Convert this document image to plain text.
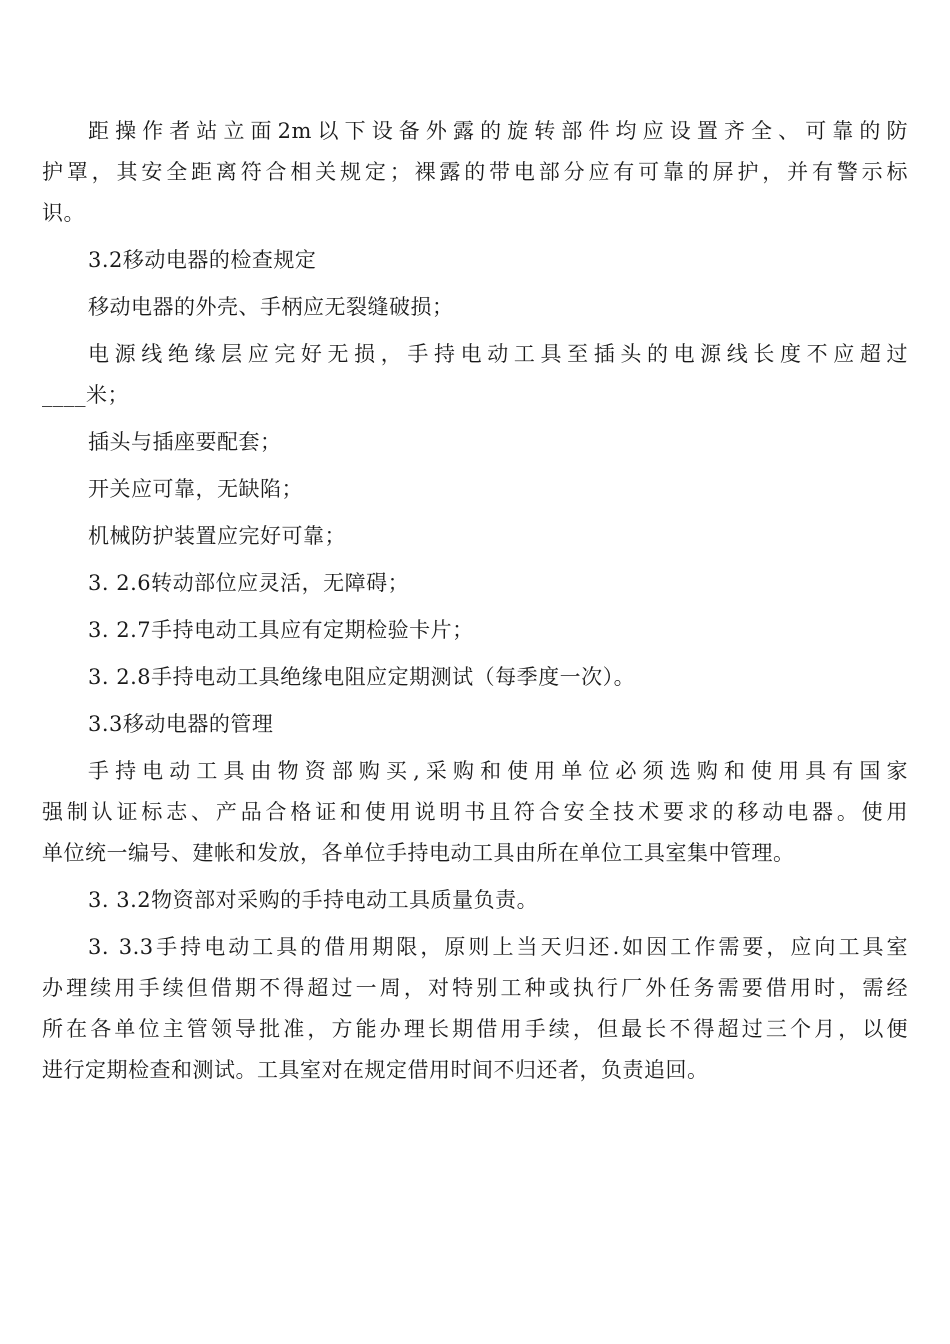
距操作者站立面2m以下设备外露的旋转部件均应设置齐全、可靠的防
护罩，其安全距离符合相关规定；裸露的带电部分应有可靠的屏护，并有警示标
识。
3.2移动电器的检查规定
移动电器的外壳、手柄应无裂缝破损；
电源线绝缘层应完好无损，手持电动工具至插头的电源线长度不应超过
____米；
插头与插座要配套；
开关应可靠，无缺陷；
机械防护装置应完好可靠；
3. 2.6转动部位应灵活，无障碍；
3. 2.7手持电动工具应有定期检验卡片；
3. 2.8手持电动工具绝缘电阻应定期测试（每季度一次）。
3.3移动电器的管理
手持电动工具由物资部购买,采购和使用单位必须选购和使用具有国家
强制认证标志、产品合格证和使用说明书且符合安全技术要求的移动电器。使用
单位统一编号、建帐和发放，各单位手持电动工具由所在单位工具室集中管理。
3. 3.2物资部对采购的手持电动工具质量负责。
3. 3.3手持电动工具的借用期限，原则上当天归还.如因工作需要，应向工具室
办理续用手续但借期不得超过一周，对特别工种或执行厂外任务需要借用时，需经
所在各单位主管领导批准，方能办理长期借用手续，但最长不得超过三个月，以便
进行定期检查和测试。工具室对在规定借用时间不归还者，负责追回。
